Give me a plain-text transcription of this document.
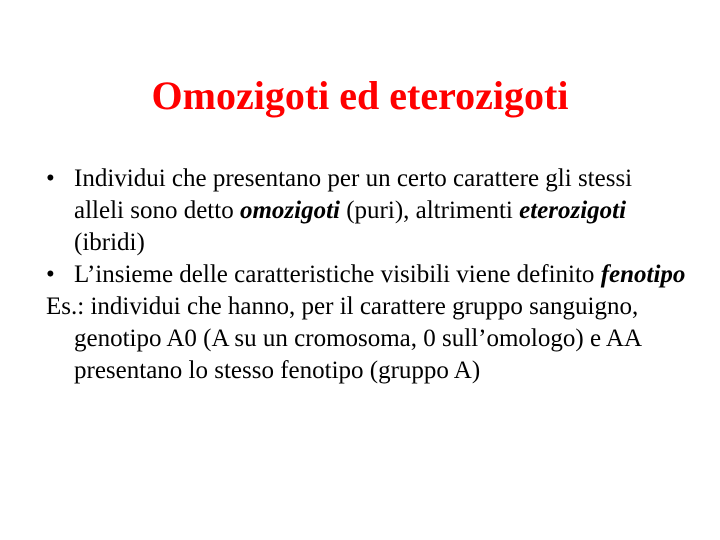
Omozigoti ed eterozigoti

• Individui che presentano per un certo carattere gli stessi alleli sono detto omozigoti (puri), altrimenti eterozigoti (ibridi)

• L’insieme delle caratteristiche visibili viene definito fenotipo

Es.: individui che hanno, per il carattere gruppo sanguigno, genotipo A0 (A su un cromosoma, 0 sull’omologo) e AA presentano lo stesso fenotipo (gruppo A)
